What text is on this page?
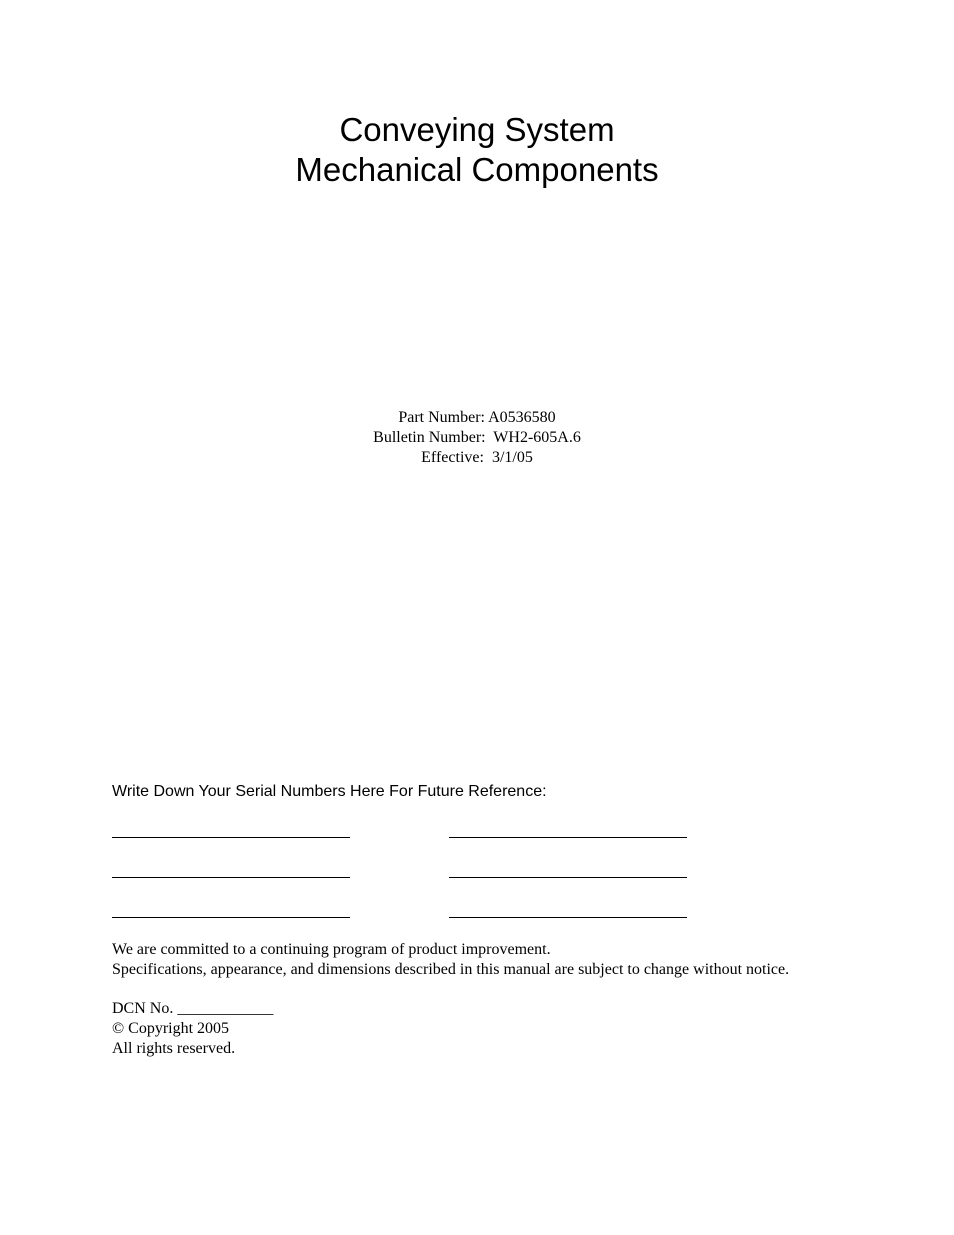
Conveying System
Mechanical Components
Part Number: A0536580
Bulletin Number:  WH2-605A.6
Effective:  3/1/05
Write Down Your Serial Numbers Here For Future Reference:
We are committed to a continuing program of product improvement.
Specifications, appearance, and dimensions described in this manual are subject to change without notice.
DCN No. ____________
© Copyright 2005
All rights reserved.
